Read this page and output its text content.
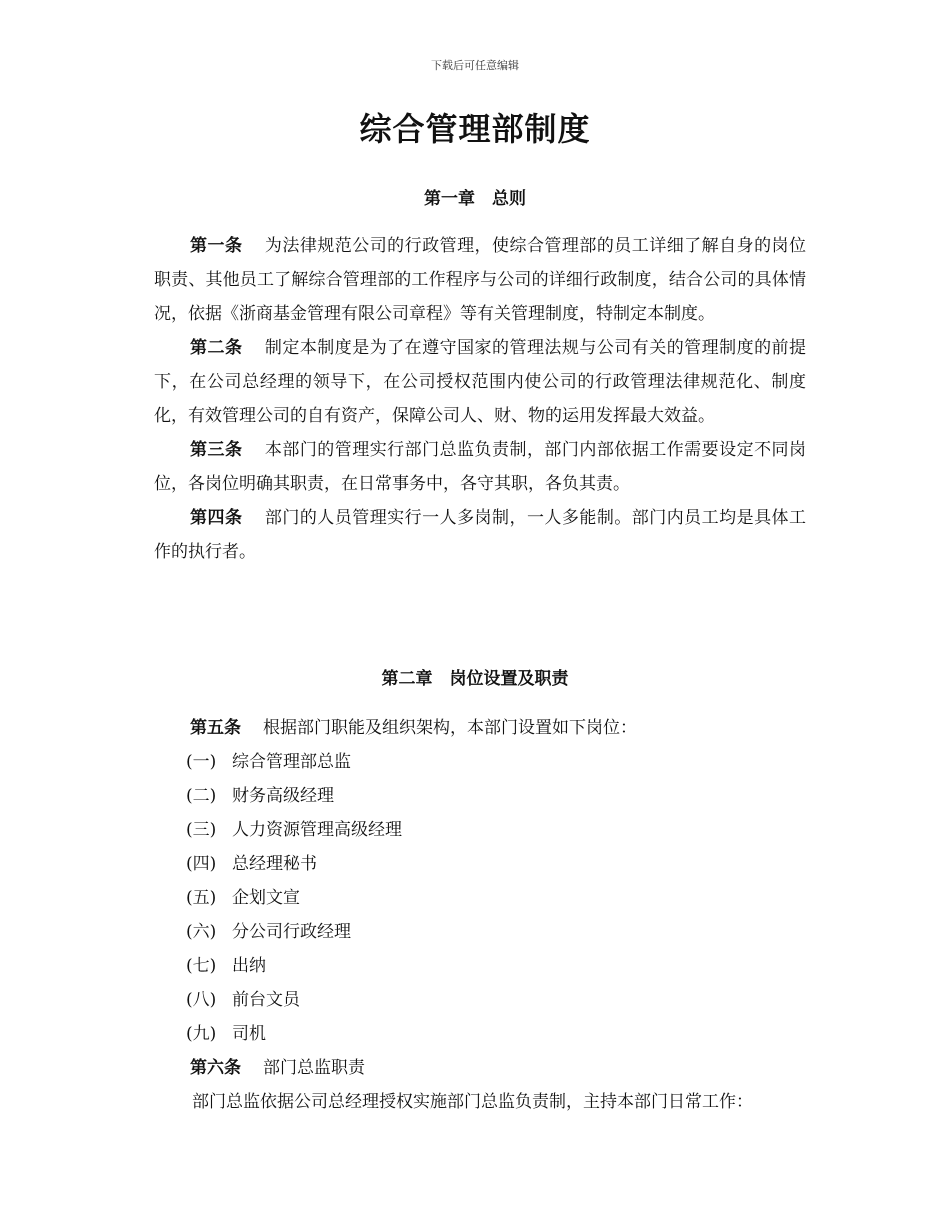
下载后可任意编辑
综合管理部制度
第一章　总则

第一条 为法律规范公司的行政管理，使综合管理部的员工详细了解自身的岗位职责、其他员工了解综合管理部的工作程序与公司的详细行政制度，结合公司的具体情况，依据《浙商基金管理有限公司章程》等有关管理制度，特制定本制度。

第二条 制定本制度是为了在遵守国家的管理法规与公司有关的管理制度的前提下，在公司总经理的领导下，在公司授权范围内使公司的行政管理法律规范化、制度化，有效管理公司的自有资产，保障公司人、财、物的运用发挥最大效益。

第三条 本部门的管理实行部门总监负责制，部门内部依据工作需要设定不同岗位，各岗位明确其职责，在日常事务中，各守其职，各负其责。

第四条 部门的人员管理实行一人多岗制，一人多能制。部门内员工均是具体工作的执行者。

第二章　岗位设置及职责

第五条 根据部门职能及组织架构，本部门设置如下岗位：

(一) 综合管理部总监

(二) 财务高级经理

(三) 人力资源管理高级经理

(四) 总经理秘书

(五) 企划文宣

(六) 分公司行政经理

(七) 出纳

(八) 前台文员

(九) 司机

第六条 部门总监职责

部门总监依据公司总经理授权实施部门总监负责制，主持本部门日常工作：
